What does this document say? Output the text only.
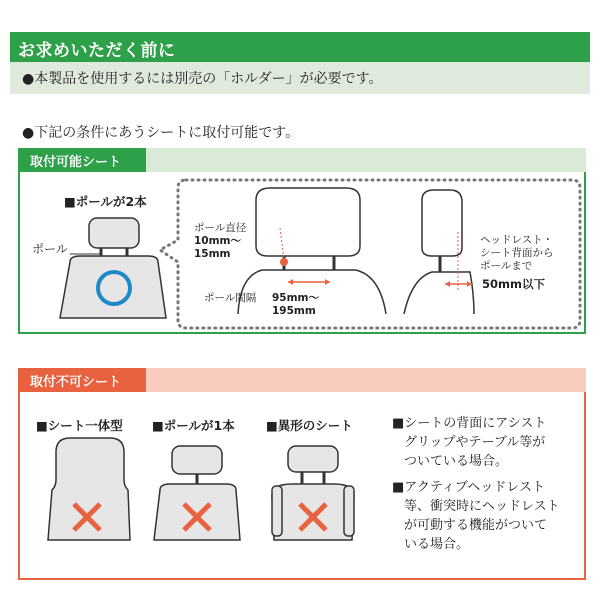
お求めいただく前に
●本製品を使用するには別売の「ホルダー」が必要です。
●下記の条件にあうシートに取付可能です。
取付可能シート
取付不可シート
■ポールが2本
ポール
ポール直径
10mm〜
15mm
ポール間隔 95mm〜
195mm
ヘッドレスト・
シート背面から
ポールまで
50mm以下
■シート一体型 ■ポールが1本 ■異形のシート	■シートの背面にアシスト
グリップやテーブル等が
ついている場合。
■アクティブヘッドレスト
等、衝突時にヘッドレスト
が可動する機能がついて
いる場合。
